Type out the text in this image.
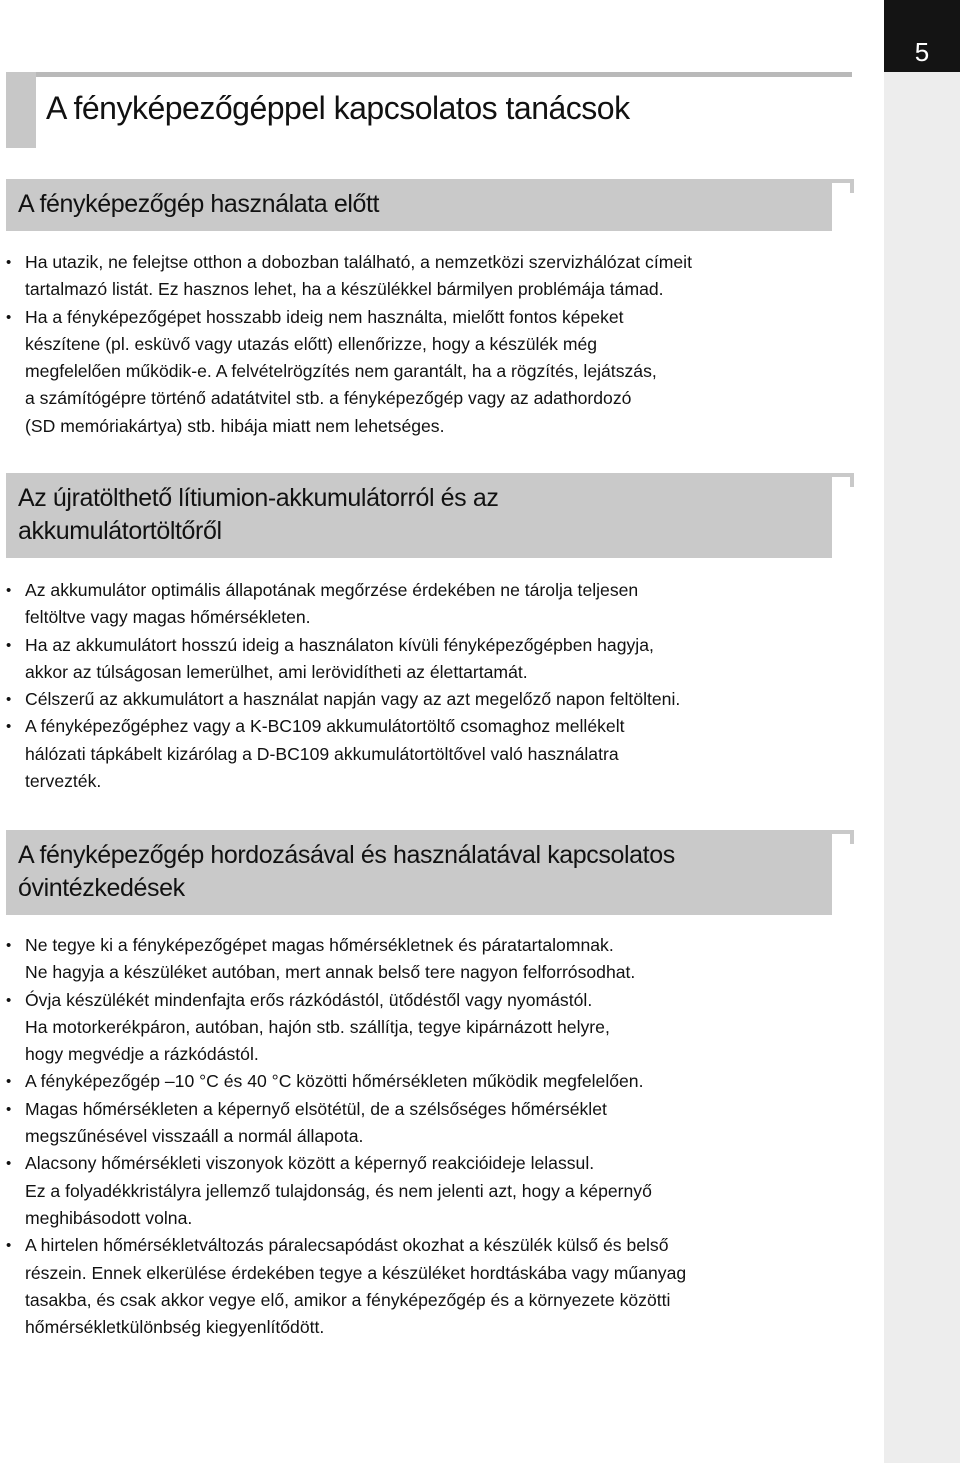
5
A fényképezőgéppel kapcsolatos tanácsok
A fényképezőgép használata előtt
• Ha utazik, ne felejtse otthon a dobozban található, a nemzetközi szervizhálózat címeit
tartalmazó listát. Ez hasznos lehet, ha a készülékkel bármilyen problémája támad.
• Ha a fényképezőgépet hosszabb ideig nem használta, mielőtt fontos képeket
készítene (pl. esküvő vagy utazás előtt) ellenőrizze, hogy a készülék még
megfelelően működik-e. A felvételrögzítés nem garantált, ha a rögzítés, lejátszás,
a számítógépre történő adatátvitel stb. a fényképezőgép vagy az adathordozó
(SD memóriakártya) stb. hibája miatt nem lehetséges.
Az újratölthető lítiumion-akkumulátorról és az
akkumulátortöltőről
• Az akkumulátor optimális állapotának megőrzése érdekében ne tárolja teljesen
feltöltve vagy magas hőmérsékleten.
• Ha az akkumulátort hosszú ideig a használaton kívüli fényképezőgépben hagyja,
akkor az túlságosan lemerülhet, ami lerövidítheti az élettartamát.
• Célszerű az akkumulátort a használat napján vagy az azt megelőző napon feltölteni.
• A fényképezőgéphez vagy a K-BC109 akkumulátortöltő csomaghoz mellékelt
hálózati tápkábelt kizárólag a D-BC109 akkumulátortöltővel való használatra
tervezték.
A fényképezőgép hordozásával és használatával kapcsolatos
óvintézkedések
• Ne tegye ki a fényképezőgépet magas hőmérsékletnek és páratartalomnak.
Ne hagyja a készüléket autóban, mert annak belső tere nagyon felforrósodhat.
• Óvja készülékét mindenfajta erős rázkódástól, ütődéstől vagy nyomástól.
Ha motorkerékpáron, autóban, hajón stb. szállítja, tegye kipárnázott helyre,
hogy megvédje a rázkódástól.
• A fényképezőgép –10 °C és 40 °C közötti hőmérsékleten működik megfelelően.
• Magas hőmérsékleten a képernyő elsötétül, de a szélsőséges hőmérséklet
megszűnésével visszaáll a normál állapota.
• Alacsony hőmérsékleti viszonyok között a képernyő reakcióideje lelassul.
Ez a folyadékkristályra jellemző tulajdonság, és nem jelenti azt, hogy a képernyő
meghibásodott volna.
• A hirtelen hőmérsékletváltozás páralecsapódást okozhat a készülék külső és belső
részein. Ennek elkerülése érdekében tegye a készüléket hordtáskába vagy műanyag
tasakba, és csak akkor vegye elő, amikor a fényképezőgép és a környezete közötti
hőmérsékletkülönbség kiegyenlítődött.
